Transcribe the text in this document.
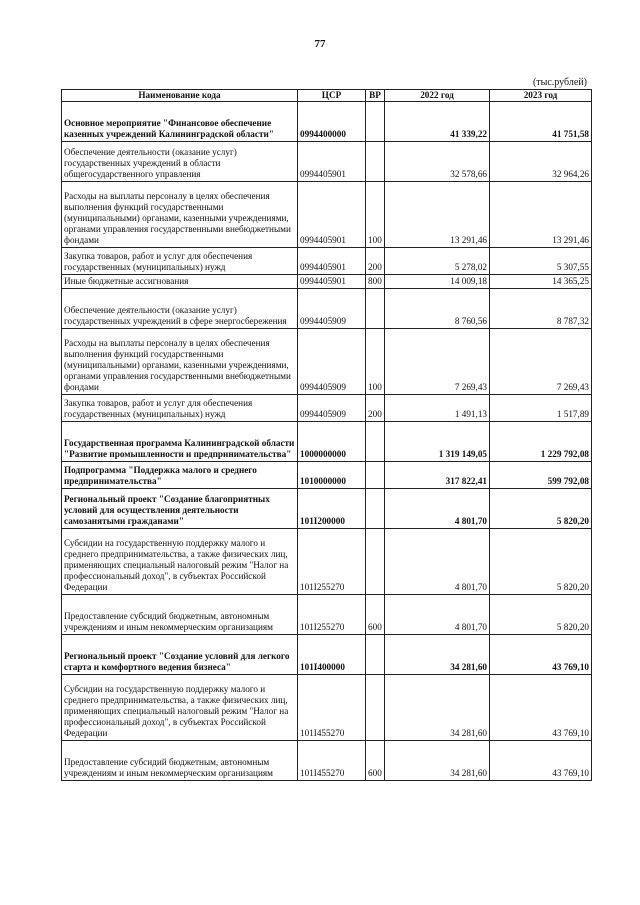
77
(тыс.рублей)
Наименование кода	ЦСР	ВР	2022 год	2023 год
Основное мероприятие "Финансовое обеспечение казенных учреждений Калининградской области"	0994400000		41 339,22	41 751,58
Обеспечение деятельности (оказание услуг) государственных учреждений в области общегосударственного управления	0994405901		32 578,66	32 964,26
Расходы на выплаты персоналу в целях обеспечения выполнения функций государственными (муниципальными) органами, казенными учреждениями, органами управления государственными внебюджетными фондами	0994405901	100	13 291,46	13 291,46
Закупка товаров, работ и услуг для обеспечения государственных (муниципальных) нужд	0994405901	200	5 278,02	5 307,55
Иные бюджетные ассигнования	0994405901	800	14 009,18	14 365,25
Обеспечение деятельности (оказание услуг) государственных учреждений в сфере энергосбережения	0994405909		8 760,56	8 787,32
Расходы на выплаты персоналу в целях обеспечения выполнения функций государственными (муниципальными) органами, казенными учреждениями, органами управления государственными внебюджетными фондами	0994405909	100	7 269,43	7 269,43
Закупка товаров, работ и услуг для обеспечения государственных (муниципальных) нужд	0994405909	200	1 491,13	1 517,89
Государственная программа Калининградской области "Развитие промышленности и предпринимательства"	1000000000		1 319 149,05	1 229 792,08
Подпрограмма "Поддержка малого и среднего предпринимательства"	1010000000		317 822,41	599 792,08
Региональный проект "Создание благоприятных условий для осуществления деятельности самозанятыми гражданами"	101I200000		4 801,70	5 820,20
Субсидии на государственную поддержку малого и среднего предпринимательства, а также физических лиц, применяющих специальный налоговый режим "Налог на профессиональный доход", в субъектах Российской Федерации	101I255270		4 801,70	5 820,20
Предоставление субсидий бюджетным, автономным учреждениям и иным некоммерческим организациям	101I255270	600	4 801,70	5 820,20
Региональный проект "Создание условий для легкого старта и комфортного ведения бизнеса"	101I400000		34 281,60	43 769,10
Субсидии на государственную поддержку малого и среднего предпринимательства, а также физических лиц, применяющих специальный налоговый режим "Налог на профессиональный доход", в субъектах Российской Федерации	101I455270		34 281,60	43 769,10
Предоставление субсидий бюджетным, автономным учреждениям и иным некоммерческим организациям	101I455270	600	34 281,60	43 769,10
